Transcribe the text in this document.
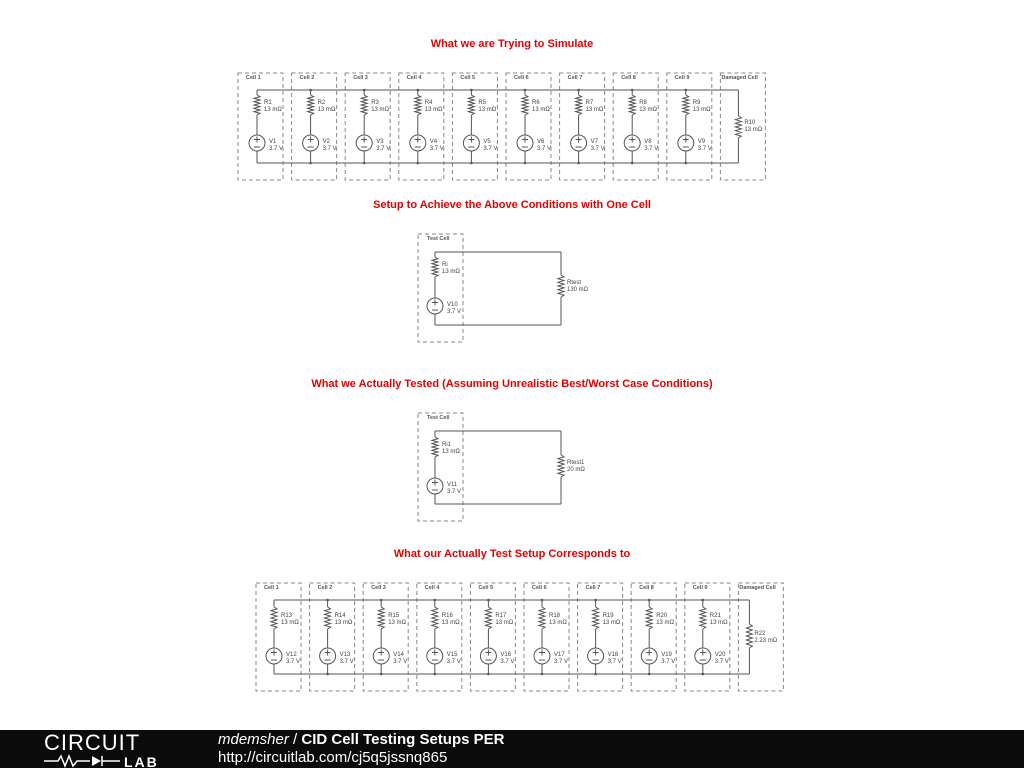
Cell 1
R1
13 mΩ
V1
3.7 V
Cell 2
R2
13 mΩ
V2
3.7 V
Cell 3
R3
13 mΩ
V3
3.7 V
Cell 4
R4
13 mΩ
V4
3.7 V
Cell 5
R5
13 mΩ
V5
3.7 V
Cell 6
R6
13 mΩ
V6
3.7 V
Cell 7
R7
13 mΩ
V7
3.7 V
Cell 8
R8
13 mΩ
V8
3.7 V
Cell 9
R9
13 mΩ
V9
3.7 V
Damaged Cell
R10
13 mΩ
Test Cell
Ri
13 mΩ
V10
3.7 V
Rtest
130 mΩ
Test Cell
Ri1
13 mΩ
V11
3.7 V
Rtest1
20 mΩ
Cell 1
R13
13 mΩ
V12
3.7 V
Cell 2
R14
13 mΩ
V13
3.7 V
Cell 3
R15
13 mΩ
V14
3.7 V
Cell 4
R16
13 mΩ
V15
3.7 V
Cell 5
R17
13 mΩ
V16
3.7 V
Cell 6
R18
13 mΩ
V17
3.7 V
Cell 7
R19
13 mΩ
V18
3.7 V
Cell 8
R20
13 mΩ
V19
3.7 V
Cell 9
R21
13 mΩ
V20
3.7 V
Damaged Cell
R22
2.23 mΩ
What we are Trying to Simulate
Setup to Achieve the Above Conditions with One Cell
What we Actually Tested (Assuming Unrealistic Best/Worst Case Conditions)
What our Actually Test Setup Corresponds to
CIRCUIT
LAB
mdemsher / CID Cell Testing Setups PER
http://circuitlab.com/cj5q5jssnq865
